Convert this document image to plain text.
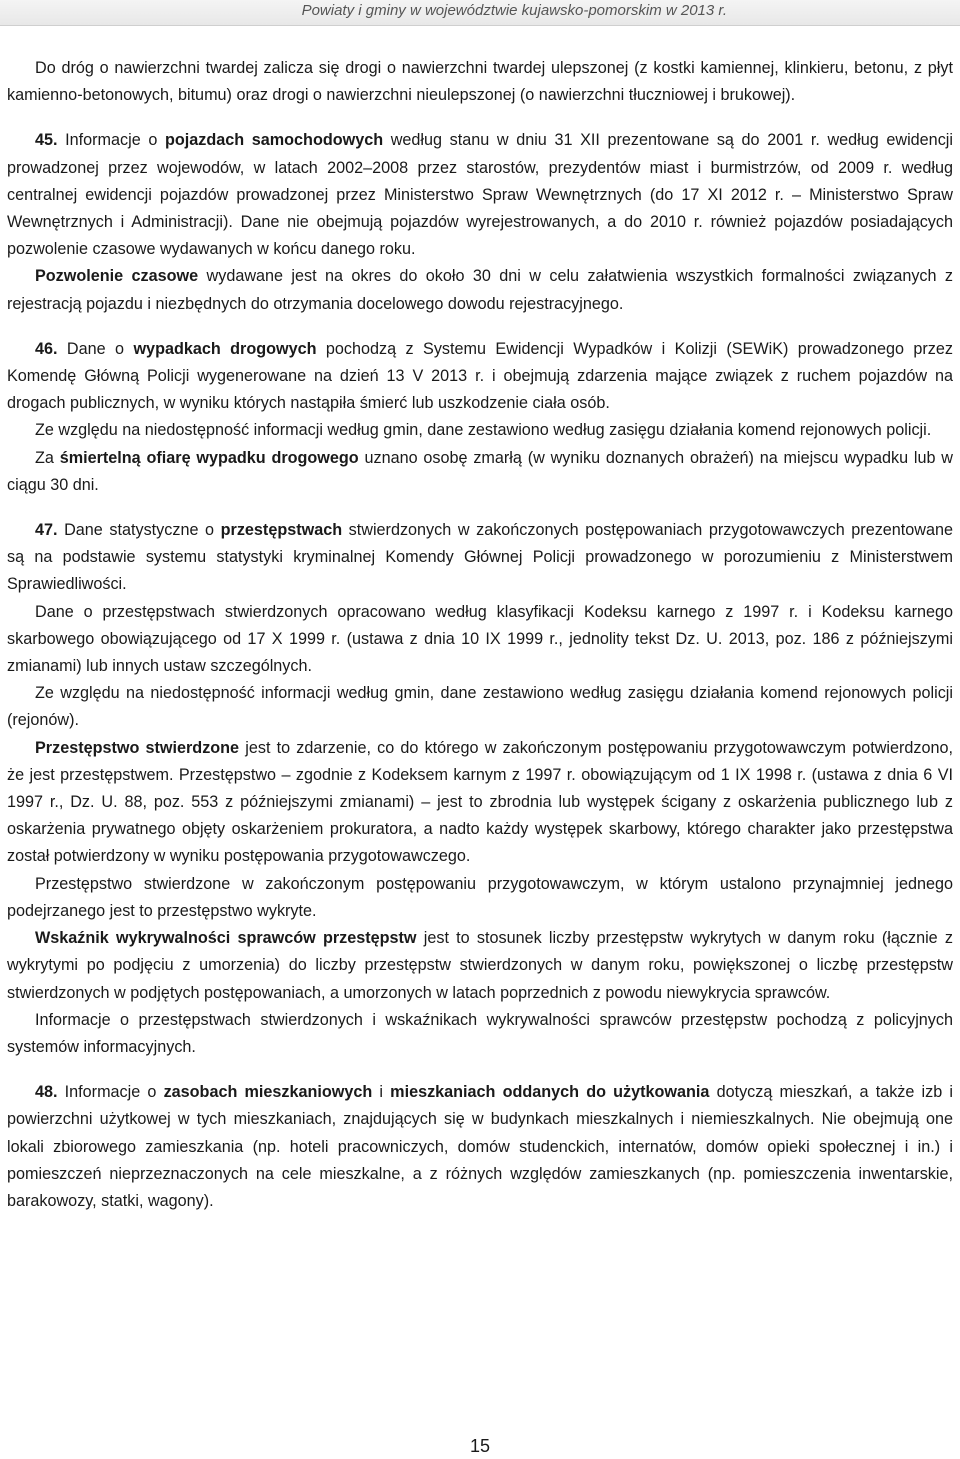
Powiaty i gminy w województwie kujawsko-pomorskim w 2013 r.

Do dróg o nawierzchni twardej zalicza się drogi o nawierzchni twardej ulepszonej (z kostki kamiennej, klinkieru, betonu, z płyt kamienno-betonowych, bitumu) oraz drogi o nawierzchni nieulepszonej (o nawierzchni tłuczniowej i brukowej).

45. Informacje o pojazdach samochodowych według stanu w dniu 31 XII prezentowane są do 2001 r. według ewidencji prowadzonej przez wojewodów, w latach 2002–2008 przez starostów, prezydentów miast i burmistrzów, od 2009 r. według centralnej ewidencji pojazdów prowadzonej przez Ministerstwo Spraw Wewnętrznych (do 17 XI 2012 r. – Ministerstwo Spraw Wewnętrznych i Administracji). Dane nie obejmują pojazdów wyrejestrowanych, a do 2010 r. również pojazdów posiadających pozwolenie czasowe wydawanych w końcu danego roku.

Pozwolenie czasowe wydawane jest na okres do około 30 dni w celu załatwienia wszystkich formalności związanych z rejestracją pojazdu i niezbędnych do otrzymania docelowego dowodu rejestracyjnego.

46. Dane o wypadkach drogowych pochodzą z Systemu Ewidencji Wypadków i Kolizji (SEWiK) prowadzonego przez Komendę Główną Policji wygenerowane na dzień 13 V 2013 r. i obejmują zdarzenia mające związek z ruchem pojazdów na drogach publicznych, w wyniku których nastąpiła śmierć lub uszkodzenie ciała osób.

Ze względu na niedostępność informacji według gmin, dane zestawiono według zasięgu działania komend rejonowych policji.

Za śmiertelną ofiarę wypadku drogowego uznano osobę zmarłą (w wyniku doznanych obrażeń) na miejscu wypadku lub w ciągu 30 dni.

47. Dane statystyczne o przestępstwach stwierdzonych w zakończonych postępowaniach przygotowawczych prezentowane są na podstawie systemu statystyki kryminalnej Komendy Głównej Policji prowadzonego w porozumieniu z Ministerstwem Sprawiedliwości.

Dane o przestępstwach stwierdzonych opracowano według klasyfikacji Kodeksu karnego z 1997 r. i Kodeksu karnego skarbowego obowiązującego od 17 X 1999 r. (ustawa z dnia 10 IX 1999 r., jednolity tekst Dz. U. 2013, poz. 186 z późniejszymi zmianami) lub innych ustaw szczególnych.

Ze względu na niedostępność informacji według gmin, dane zestawiono według zasięgu działania komend rejonowych policji (rejonów).

Przestępstwo stwierdzone jest to zdarzenie, co do którego w zakończonym postępowaniu przygotowawczym potwierdzono, że jest przestępstwem. Przestępstwo – zgodnie z Kodeksem karnym z 1997 r. obowiązującym od 1 IX 1998 r. (ustawa z dnia 6 VI 1997 r., Dz. U. 88, poz. 553 z późniejszymi zmianami) – jest to zbrodnia lub występek ścigany z oskarżenia publicznego lub z oskarżenia prywatnego objęty oskarżeniem prokuratora, a nadto każdy występek skarbowy, którego charakter jako przestępstwa został potwierdzony w wyniku postępowania przygotowawczego.

Przestępstwo stwierdzone w zakończonym postępowaniu przygotowawczym, w którym ustalono przynajmniej jednego podejrzanego jest to przestępstwo wykryte.

Wskaźnik wykrywalności sprawców przestępstw jest to stosunek liczby przestępstw wykrytych w danym roku (łącznie z wykrytymi po podjęciu z umorzenia) do liczby przestępstw stwierdzonych w danym roku, powiększonej o liczbę przestępstw stwierdzonych w podjętych postępowaniach, a umorzonych w latach poprzednich z powodu niewykrycia sprawców.

Informacje o przestępstwach stwierdzonych i wskaźnikach wykrywalności sprawców przestępstw pochodzą z policyjnych systemów informacyjnych.

48. Informacje o zasobach mieszkaniowych i mieszkaniach oddanych do użytkowania dotyczą mieszkań, a także izb i powierzchni użytkowej w tych mieszkaniach, znajdujących się w budynkach mieszkalnych i niemieszkalnych. Nie obejmują one lokali zbiorowego zamieszkania (np. hoteli pracowniczych, domów studenckich, internatów, domów opieki społecznej i in.) i pomieszczeń nieprzeznaczonych na cele mieszkalne, a z różnych względów zamieszkanych (np. pomieszczenia inwentarskie, barakowozy, statki, wagony).

15
